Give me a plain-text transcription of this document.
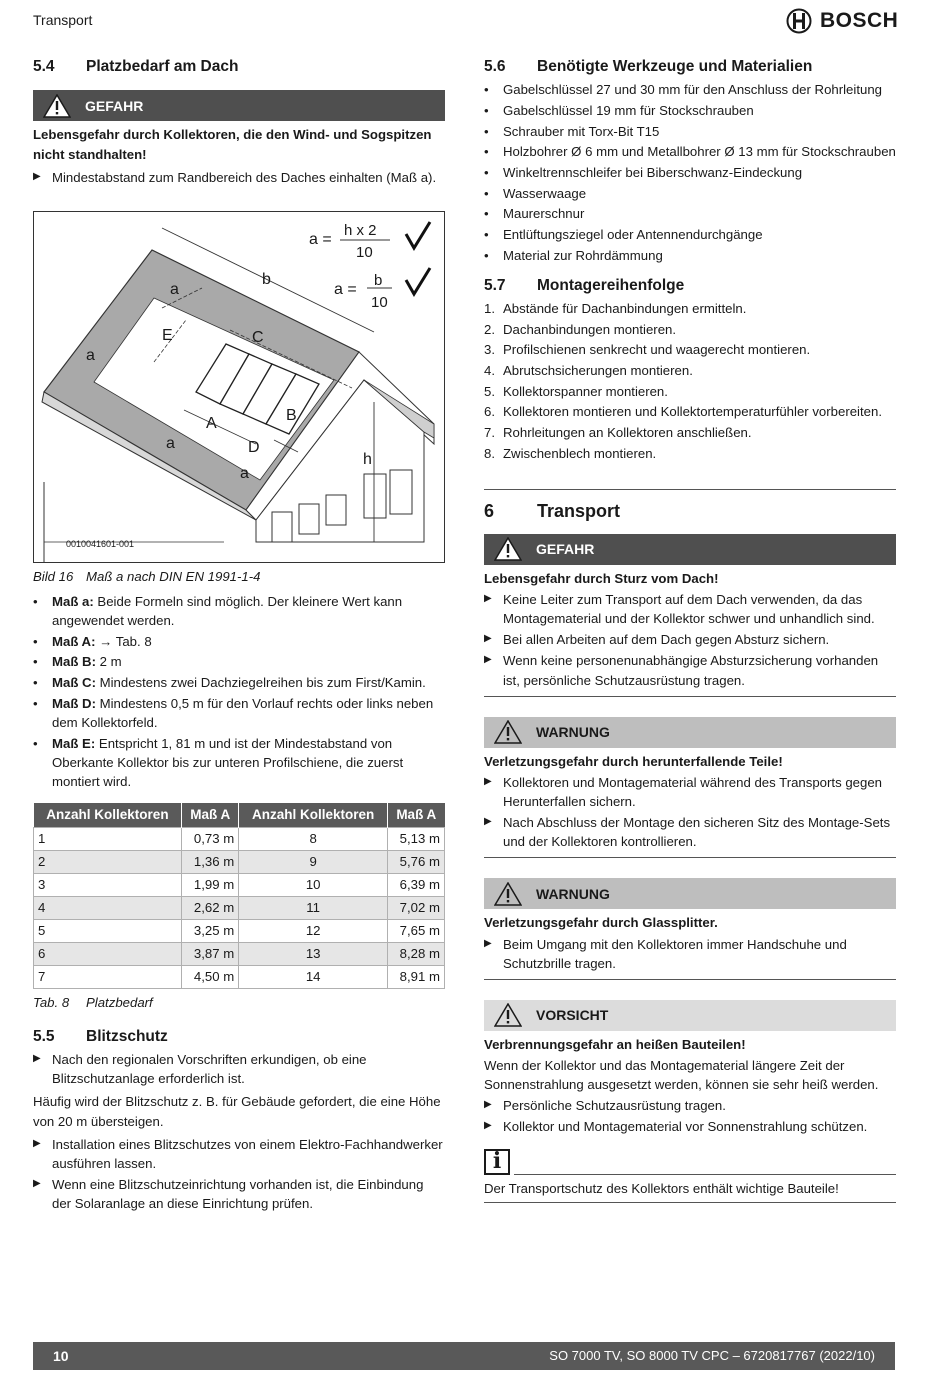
Transport	BOSCH
5.4	Platzbedarf am Dach
GEFAHR
Lebensgefahr durch Kollektoren, die den Wind- und Sogspitzen nicht standhalten!
▶ Mindestabstand zum Randbereich des Daches einhalten (Maß a).
a =
h x 2
10
a =
b
10
b
a
a
E	C
A	B
a	D
a
h
0010041601-001
Bild 16 Maß a nach DIN EN 1991-1-4
•	Maß a: Beide Formeln sind möglich. Der kleinere Wert kann angewendet werden.
•	Maß A: → Tab. 8
•	Maß B: 2 m
•	Maß C: Mindestens zwei Dachziegelreihen bis zum First/Kamin.
•	Maß D: Mindestens 0,5 m für den Vorlauf rechts oder links neben dem Kollektorfeld.
•	Maß E: Entspricht 1, 81 m und ist der Mindestabstand von Oberkante Kollektor bis zur unteren Profilschiene, die zuerst montiert wird.
Anzahl Kollektoren	Maß A	Anzahl Kollektoren	Maß A
1	0,73 m	8	5,13 m
2	1,36 m	9	5,76 m
3	1,99 m	10	6,39 m
4	2,62 m	11	7,02 m
5	3,25 m	12	7,65 m
6	3,87 m	13	8,28 m
7	4,50 m	14	8,91 m
Tab. 8	Platzbedarf
5.5	Blitzschutz
▶ Nach den regionalen Vorschriften erkundigen, ob eine Blitzschutzanlage erforderlich ist.
Häufig wird der Blitzschutz z. B. für Gebäude gefordert, die eine Höhe von 20 m übersteigen.
▶ Installation eines Blitzschutzes von einem Elektro-Fachhandwerker ausführen lassen.
▶ Wenn eine Blitzschutzeinrichtung vorhanden ist, die Einbindung der Solaranlage an diese Einrichtung prüfen.
5.6	Benötigte Werkzeuge und Materialien
•	Gabelschlüssel 27 und 30 mm für den Anschluss der Rohrleitung
•	Gabelschlüssel 19 mm für Stockschrauben
•	Schrauber mit Torx-Bit T15
•	Holzbohrer Ø 6 mm und Metallbohrer Ø 13 mm für Stockschrauben
•	Winkeltrennschleifer bei Biberschwanz-Eindeckung
•	Wasserwaage
•	Maurerschnur
•	Entlüftungsziegel oder Antennendurchgänge
•	Material zur Rohrdämmung
5.7	Montagereihenfolge
1. Abstände für Dachanbindungen ermitteln.
2. Dachanbindungen montieren.
3. Profilschienen senkrecht und waagerecht montieren.
4. Abrutschsicherungen montieren.
5. Kollektorspanner montieren.
6. Kollektoren montieren und Kollektortemperaturfühler vorbereiten.
7. Rohrleitungen an Kollektoren anschließen.
8. Zwischenblech montieren.
6	Transport
GEFAHR
Lebensgefahr durch Sturz vom Dach!
▶ Keine Leiter zum Transport auf dem Dach verwenden, da das Montagematerial und der Kollektor schwer und unhandlich sind.
▶ Bei allen Arbeiten auf dem Dach gegen Absturz sichern.
▶ Wenn keine personenunabhängige Absturzsicherung vorhanden ist, persönliche Schutzausrüstung tragen.
WARNUNG
Verletzungsgefahr durch herunterfallende Teile!
▶ Kollektoren und Montagematerial während des Transports gegen Herunterfallen sichern.
▶ Nach Abschluss der Montage den sicheren Sitz des Montage-Sets und der Kollektoren kontrollieren.
WARNUNG
Verletzungsgefahr durch Glassplitter.
▶ Beim Umgang mit den Kollektoren immer Handschuhe und Schutzbrille tragen.
VORSICHT
Verbrennungsgefahr an heißen Bauteilen!
Wenn der Kollektor und das Montagematerial längere Zeit der Sonnenstrahlung ausgesetzt werden, können sie sehr heiß werden.
▶ Persönliche Schutzausrüstung tragen.
▶ Kollektor und Montagematerial vor Sonnenstrahlung schützen.
i
Der Transportschutz des Kollektors enthält wichtige Bauteile!
10	SO 7000 TV, SO 8000 TV CPC – 6720817767 (2022/10)
